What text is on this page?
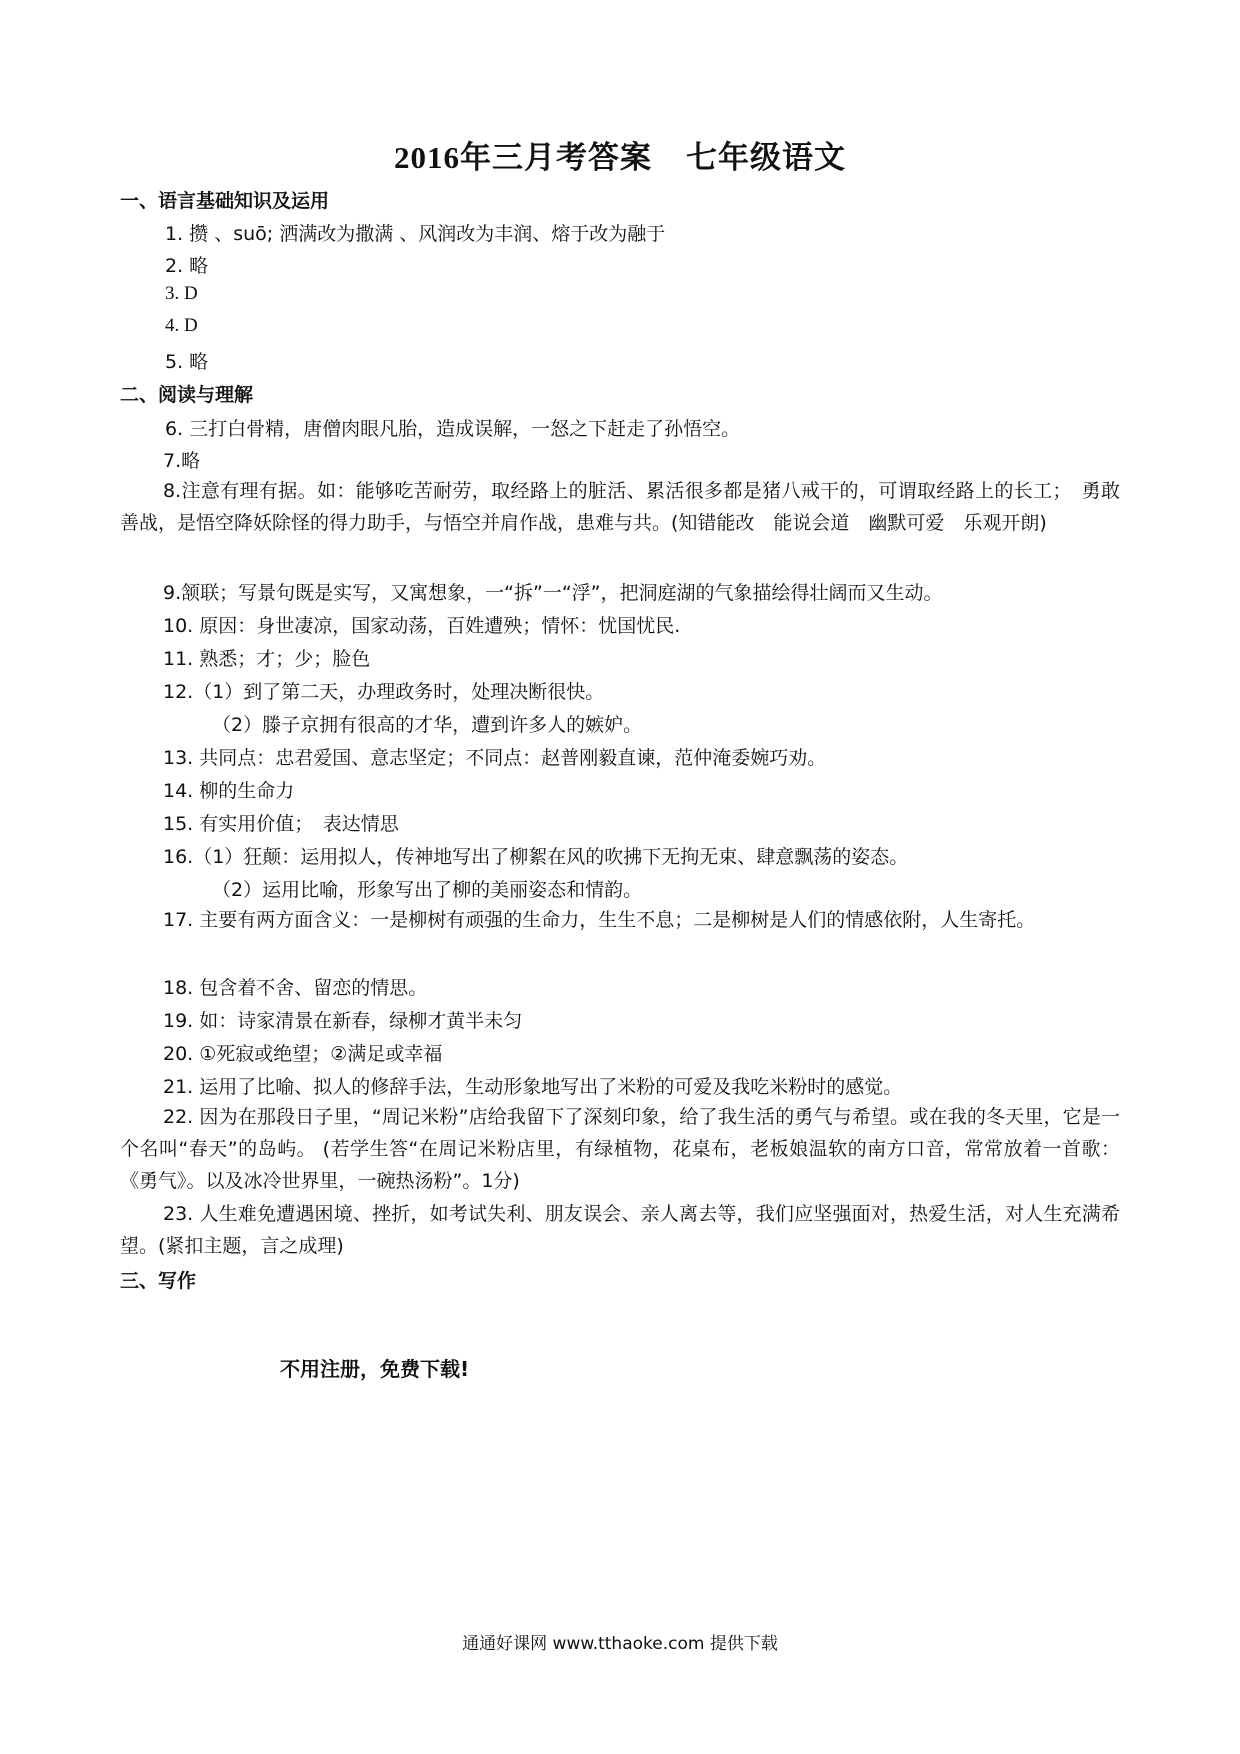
2016年三月考答案 七年级语文
一、语言基础知识及运用
1. 攒 、suō; 洒满改为撒满 、风润改为丰润、熔于改为融于
2. 略
3. D
4. D
5. 略
二、阅读与理解
6. 三打白骨精，唐僧肉眼凡胎，造成误解，一怒之下赶走了孙悟空。
7.略
8.注意有理有据。如：能够吃苦耐劳，取经路上的脏活、累活很多都是猪八戒干的，可谓取经路上的长工；　勇敢善战，是悟空降妖除怪的得力助手，与悟空并肩作战，患难与共。(知错能改　能说会道　幽默可爱　乐观开朗)
9.颔联；写景句既是实写，又寓想象，一“拆”一“浮”，把洞庭湖的气象描绘得壮阔而又生动。
10. 原因：身世凄凉，国家动荡，百姓遭殃；情怀：忧国忧民.
11. 熟悉；才；少；脸色
12.（1）到了第二天，办理政务时，处理决断很快。
（2）滕子京拥有很高的才华，遭到许多人的嫉妒。
13. 共同点：忠君爱国、意志坚定；不同点：赵普刚毅直谏，范仲淹委婉巧劝。
14. 柳的生命力
15. 有实用价值；　表达情思
16.（1）狂颠：运用拟人，传神地写出了柳絮在风的吹拂下无拘无束、肆意飘荡的姿态。
（2）运用比喻，形象写出了柳的美丽姿态和情韵。
17. 主要有两方面含义：一是柳树有顽强的生命力，生生不息；二是柳树是人们的情感依附，人生寄托。
18. 包含着不舍、留恋的情思。
19. 如：诗家清景在新春，绿柳才黄半未匀
20. ①死寂或绝望；②满足或幸福
21. 运用了比喻、拟人的修辞手法，生动形象地写出了米粉的可爱及我吃米粉时的感觉。
22. 因为在那段日子里，“周记米粉”店给我留下了深刻印象，给了我生活的勇气与希望。或在我的冬天里，它是一个名叫“春天”的岛屿。 (若学生答“在周记米粉店里，有绿植物，花桌布，老板娘温软的南方口音，常常放着一首歌：《勇气》。以及冰冷世界里，一碗热汤粉”。1分)
23. 人生难免遭遇困境、挫折，如考试失利、朋友误会、亲人离去等，我们应坚强面对，热爱生活，对人生充满希望。(紧扣主题，言之成理)
三、写作
不用注册，免费下载!
通通好课网 www.tthaoke.com 提供下载
